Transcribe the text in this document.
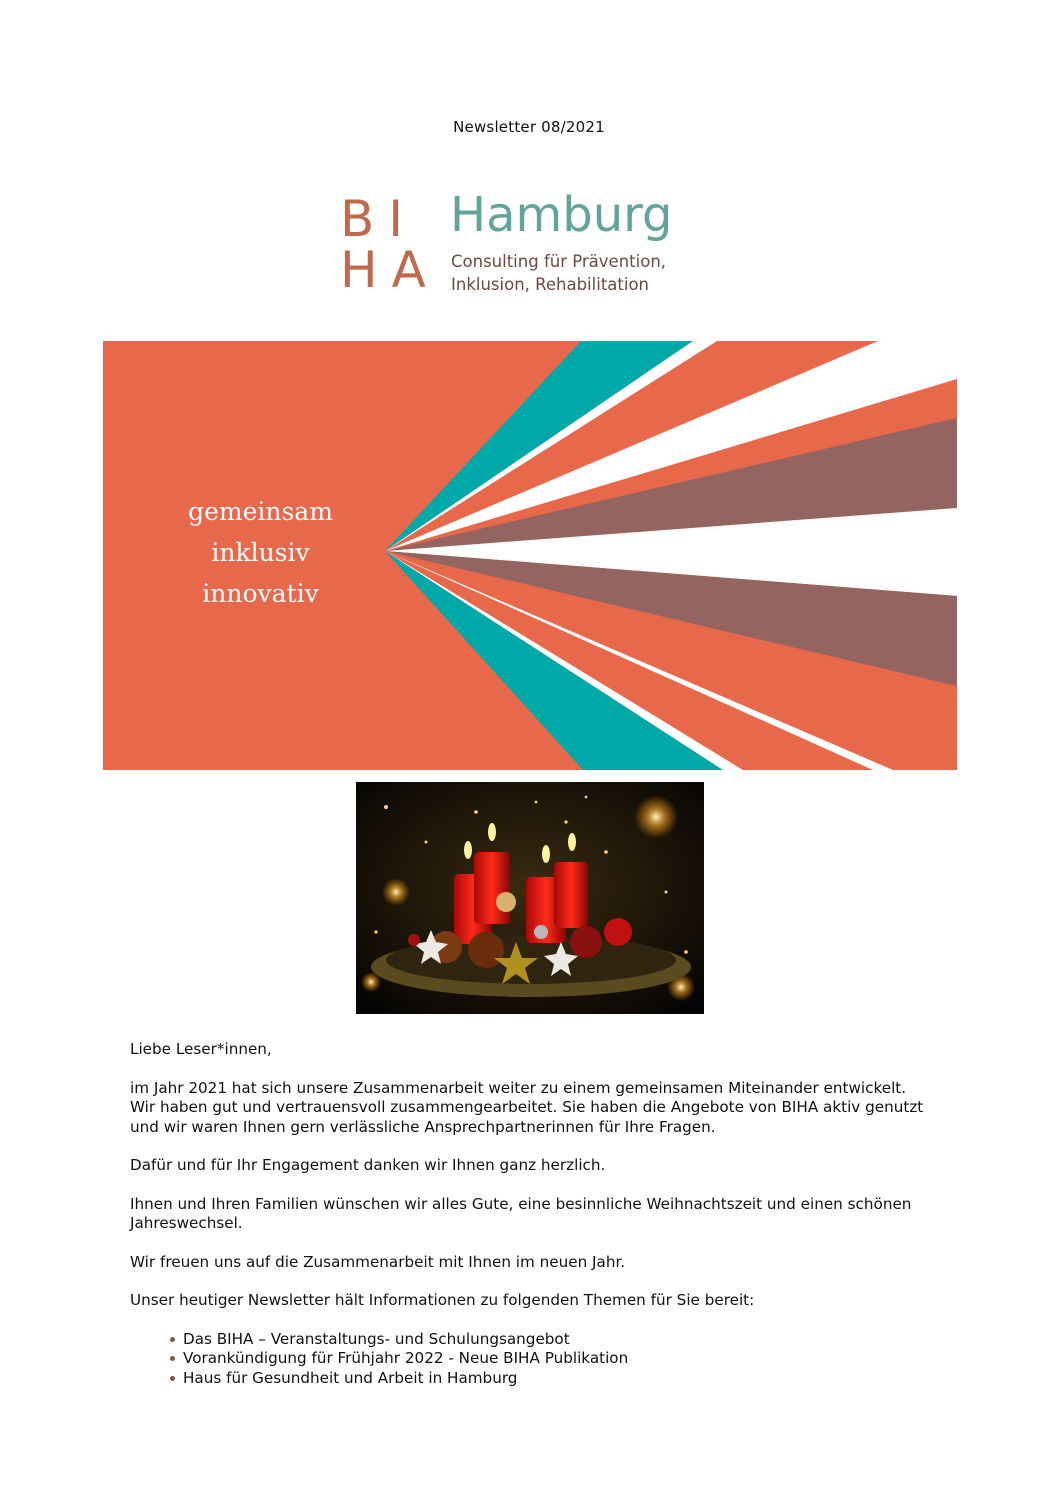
Newsletter 08/2021
BI
HA
Hamburg
Consulting für Prävention,
Inklusion, Rehabilitation
gemeinsam
inklusiv
innovativ

Liebe Leser*innen,

im Jahr 2021 hat sich unsere Zusammenarbeit weiter zu einem gemeinsamen Miteinander entwickelt. Wir haben gut und vertrauensvoll zusammengearbeitet. Sie haben die Angebote von BIHA aktiv genutzt und wir waren Ihnen gern verlässliche Ansprechpartnerinnen für Ihre Fragen.

Dafür und für Ihr Engagement danken wir Ihnen ganz herzlich.

Ihnen und Ihren Familien wünschen wir alles Gute, eine besinnliche Weihnachtszeit und einen schönen Jahreswechsel.

Wir freuen uns auf die Zusammenarbeit mit Ihnen im neuen Jahr.

Unser heutiger Newsletter hält Informationen zu folgenden Themen für Sie bereit:

Das BIHA – Veranstaltungs- und Schulungsangebot
Vorankündigung für Frühjahr 2022 - Neue BIHA Publikation
Haus für Gesundheit und Arbeit in Hamburg
